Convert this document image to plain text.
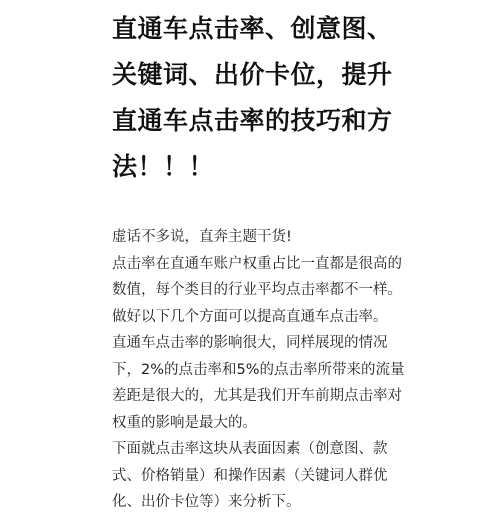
直通车点击率、创意图、
关键词、出价卡位，提升
直通车点击率的技巧和方
法！！！
虚话不多说，直奔主题干货!
点击率在直通车账户权重占比一直都是很高的
数值，每个类目的行业平均点击率都不一样。
做好以下几个方面可以提高直通车点击率。
直通车点击率的影响很大，同样展现的情况
下，2%的点击率和5%的点击率所带来的流量
差距是很大的，尤其是我们开车前期点击率对
权重的影响是最大的。
下面就点击率这块从表面因素（创意图、款
式、价格销量）和操作因素（关键词人群优
化、出价卡位等）来分析下。
